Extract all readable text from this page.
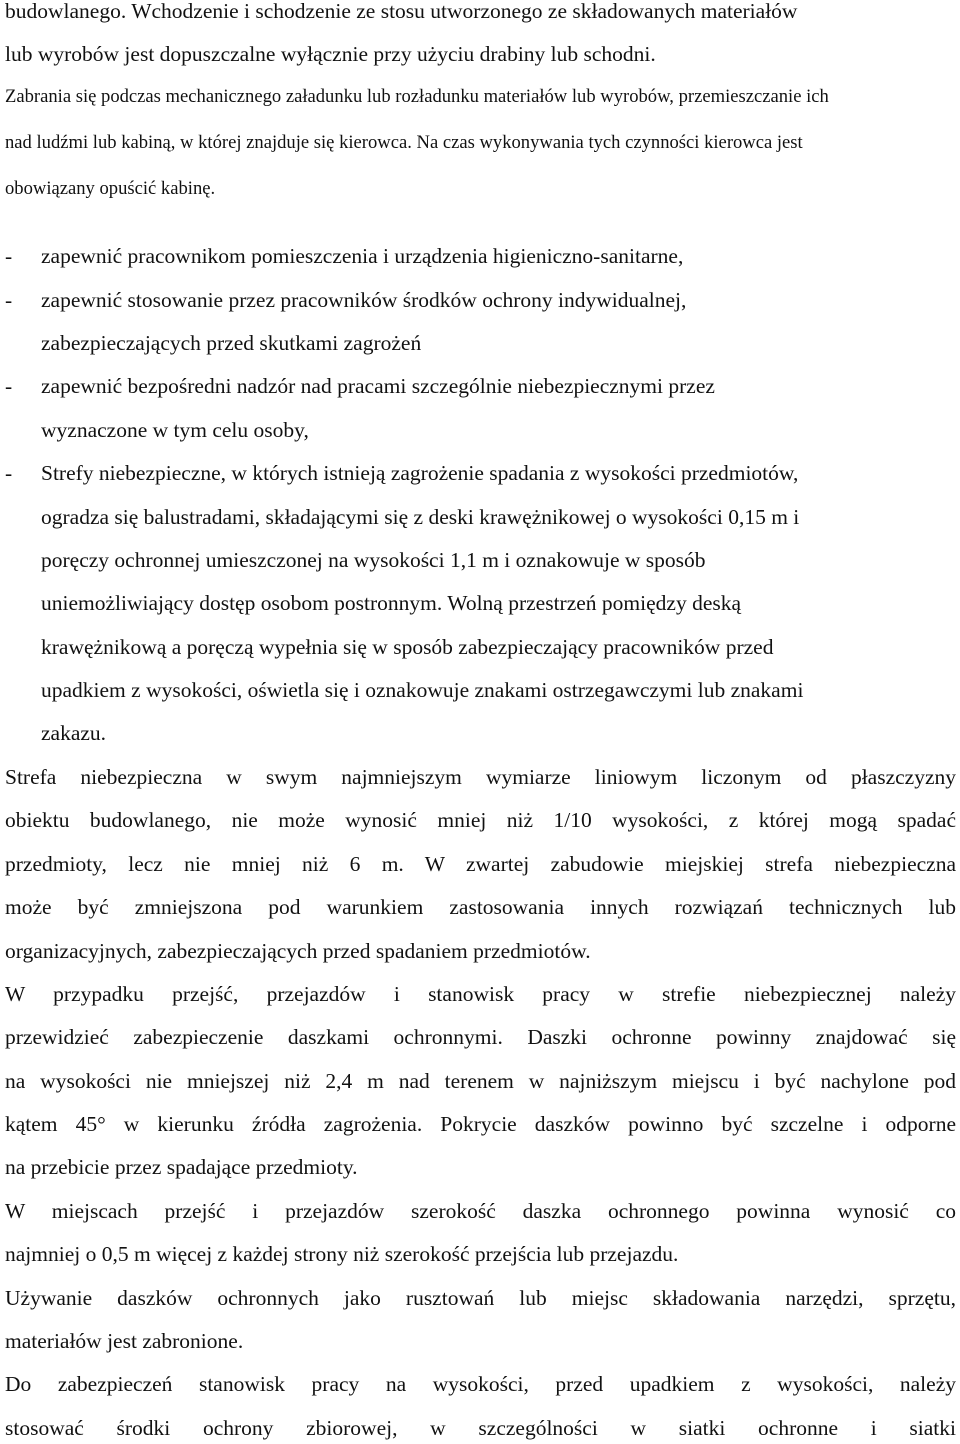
budowlanego. Wchodzenie i schodzenie ze stosu utworzonego ze składowanych materiałów
lub wyrobów jest dopuszczalne wyłącznie przy użyciu drabiny lub schodni.
Zabrania się podczas mechanicznego załadunku lub rozładunku materiałów lub wyrobów, przemieszczanie ich
nad ludźmi lub kabiną, w której znajduje się kierowca. Na czas wykonywania tych czynności kierowca jest
obowiązany opuścić kabinę.
- zapewnić pracownikom pomieszczenia i urządzenia higieniczno-sanitarne,
- zapewnić stosowanie przez pracowników środków ochrony indywidualnej,
zabezpieczających przed skutkami zagrożeń
- zapewnić bezpośredni nadzór nad pracami szczególnie niebezpiecznymi przez
wyznaczone w tym celu osoby,
- Strefy niebezpieczne, w których istnieją zagrożenie spadania z wysokości przedmiotów,
ogradza się balustradami, składającymi się z deski krawężnikowej o wysokości 0,15 m i
poręczy ochronnej umieszczonej na wysokości 1,1 m i oznakowuje w sposób
uniemożliwiający dostęp osobom postronnym. Wolną przestrzeń pomiędzy deską
krawężnikową a poręczą wypełnia się w sposób zabezpieczający pracowników przed
upadkiem z wysokości, oświetla się i oznakowuje znakami ostrzegawczymi lub znakami
zakazu.
Strefa niebezpieczna w swym najmniejszym wymiarze liniowym liczonym od płaszczyzny
obiektu budowlanego, nie może wynosić mniej niż 1/10 wysokości, z której mogą spadać
przedmioty, lecz nie mniej niż 6 m. W zwartej zabudowie miejskiej strefa niebezpieczna
może być zmniejszona pod warunkiem zastosowania innych rozwiązań technicznych lub
organizacyjnych, zabezpieczających przed spadaniem przedmiotów.
W przypadku przejść, przejazdów i stanowisk pracy w strefie niebezpiecznej należy
przewidzieć zabezpieczenie daszkami ochronnymi. Daszki ochronne powinny znajdować się
na wysokości nie mniejszej niż 2,4 m nad terenem w najniższym miejscu i być nachylone pod
kątem 45° w kierunku źródła zagrożenia. Pokrycie daszków powinno być szczelne i odporne
na przebicie przez spadające przedmioty.
W miejscach przejść i przejazdów szerokość daszka ochronnego powinna wynosić co
najmniej o 0,5 m więcej z każdej strony niż szerokość przejścia lub przejazdu.
Używanie daszków ochronnych jako rusztowań lub miejsc składowania narzędzi, sprzętu,
materiałów jest zabronione.
Do zabezpieczeń stanowisk pracy na wysokości, przed upadkiem z wysokości, należy
stosować środki ochrony zbiorowej, w szczególności w siatki ochronne i siatki
